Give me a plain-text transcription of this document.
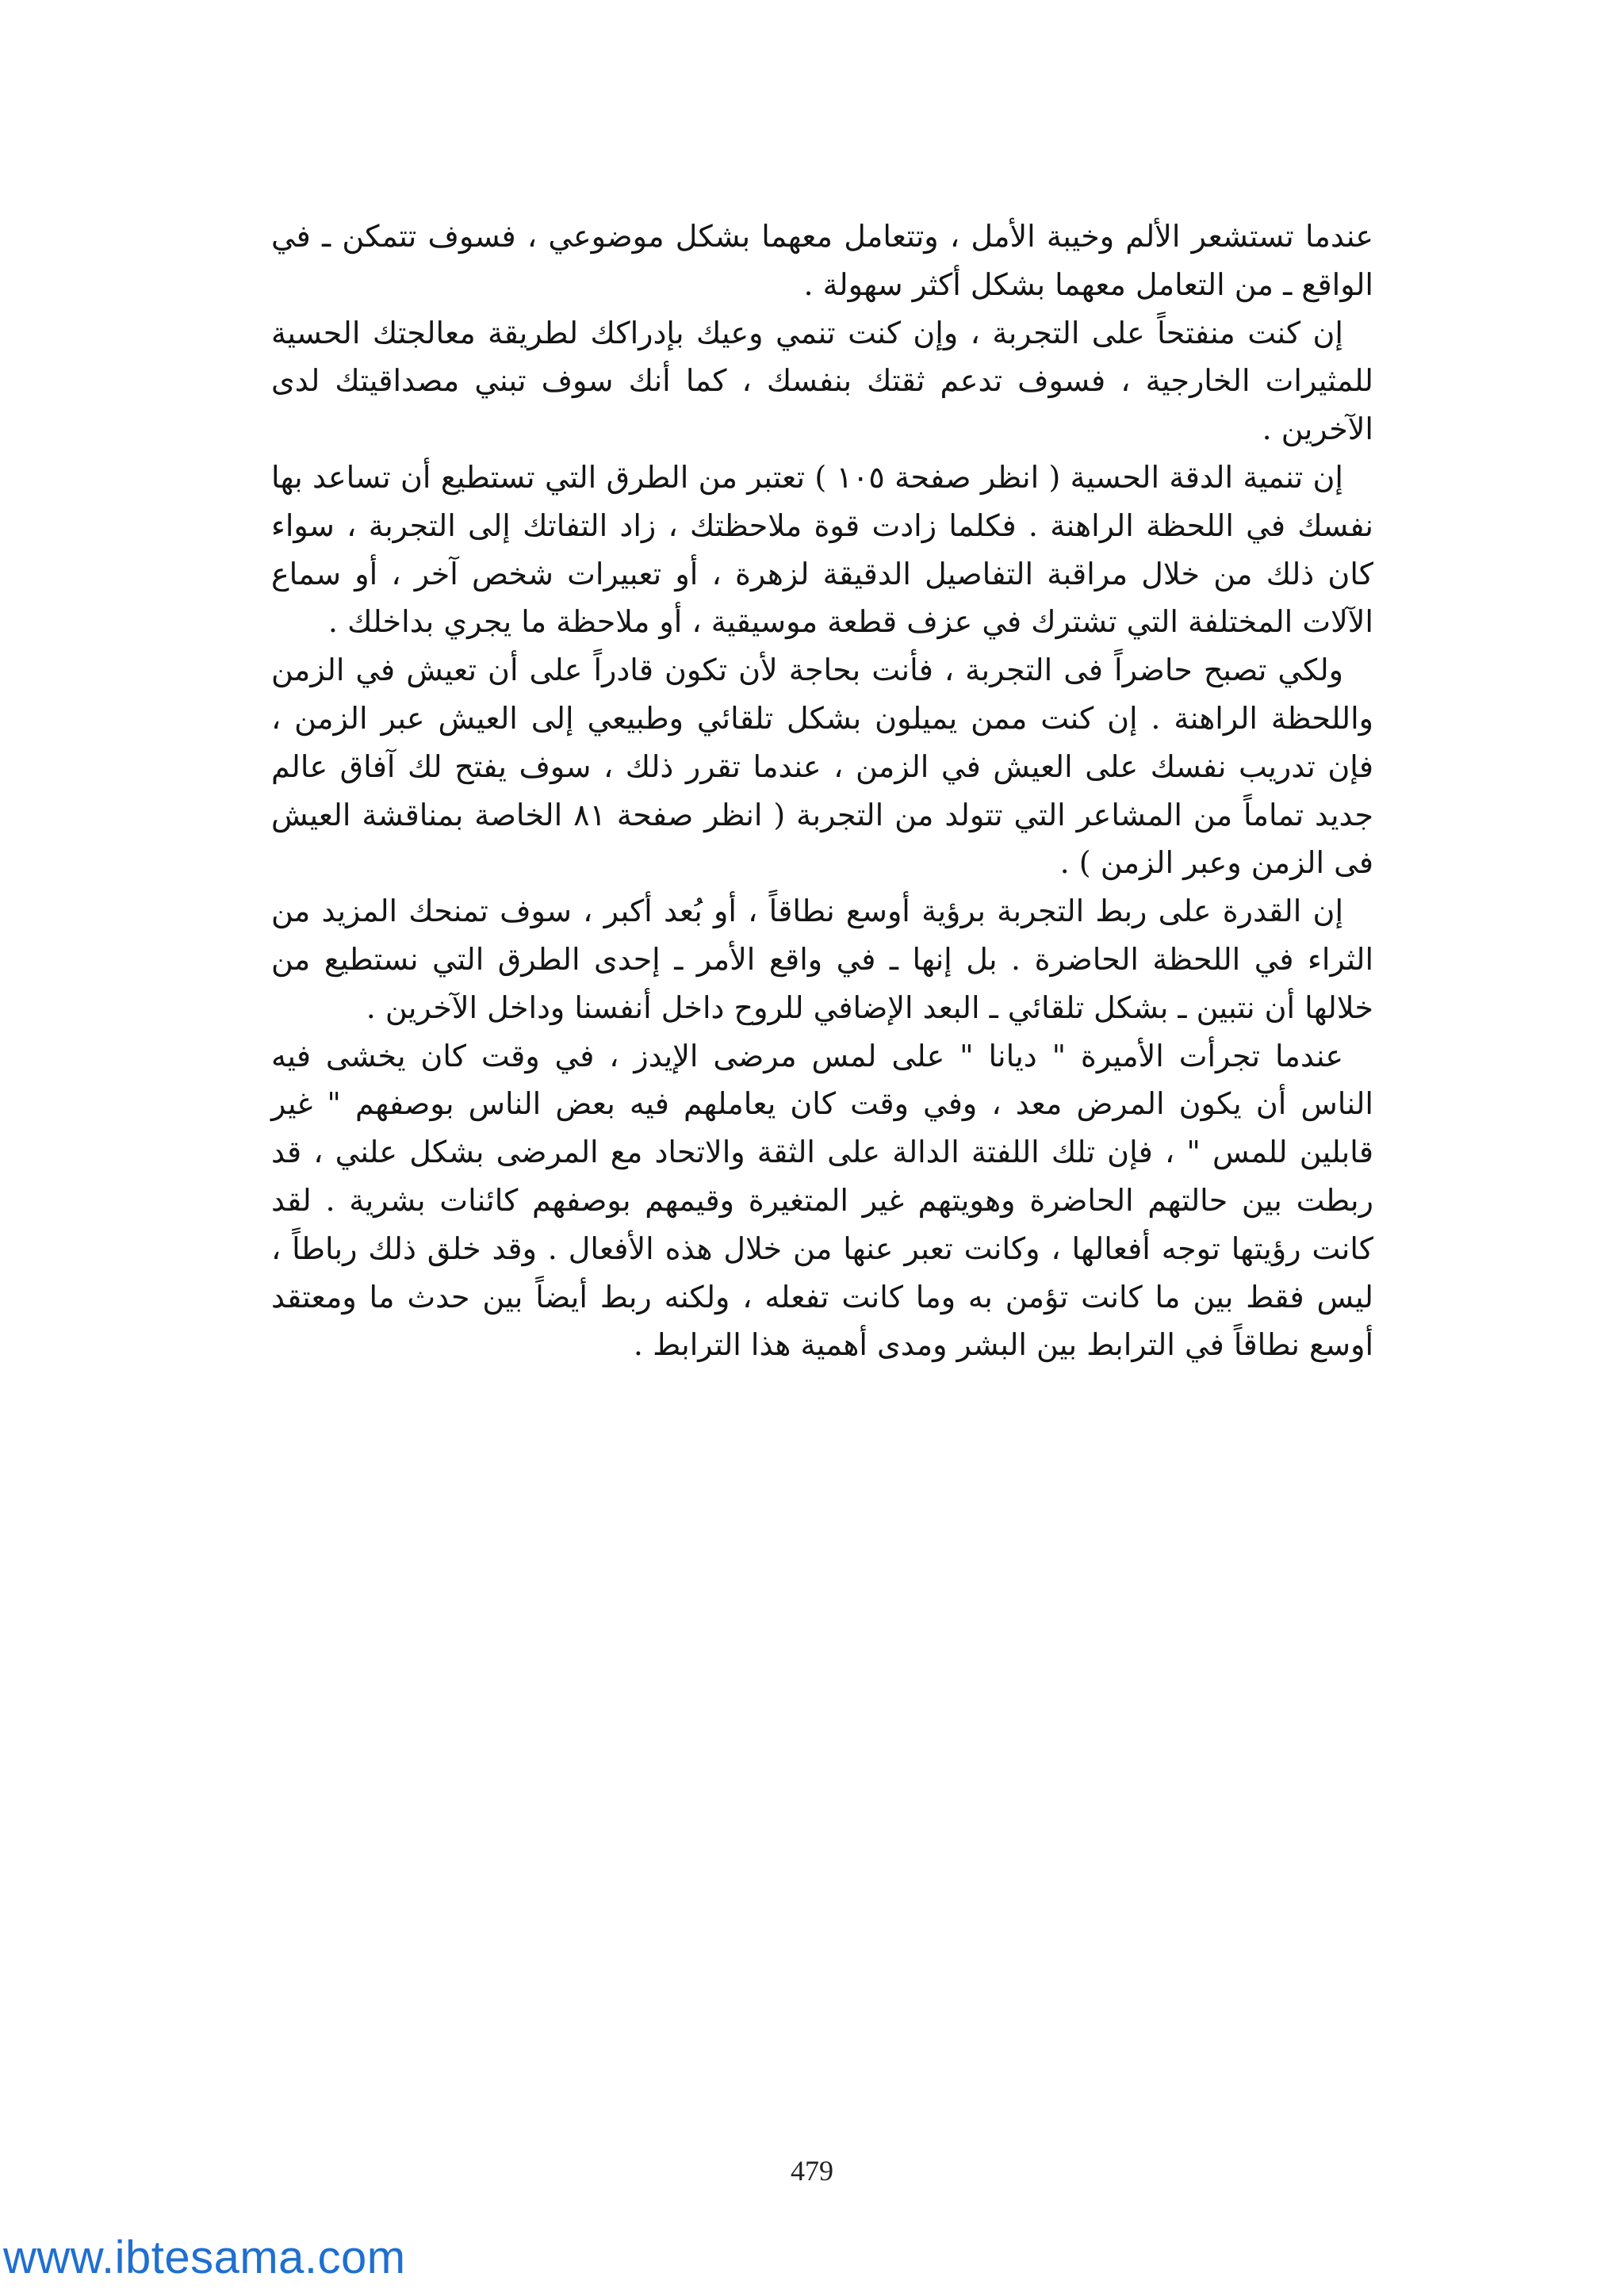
عندما تستشعر الألم وخيبة الأمل ، وتتعامل معهما بشكل موضوعي ، فسوف تتمكن ـ في الواقع ـ من التعامل معهما بشكل أكثر سهولة .

إن كنت منفتحاً على التجربة ، وإن كنت تنمي وعيك بإدراكك لطريقة معالجتك الحسية للمثيرات الخارجية ، فسوف تدعم ثقتك بنفسك ، كما أنك سوف تبني مصداقيتك لدى الآخرين .

إن تنمية الدقة الحسية ( انظر صفحة ١٠٥ ) تعتبر من الطرق التي تستطيع أن تساعد بها نفسك في اللحظة الراهنة . فكلما زادت قوة ملاحظتك ، زاد التفاتك إلى التجربة ، سواء كان ذلك من خلال مراقبة التفاصيل الدقيقة لزهرة ، أو تعبيرات شخص آخر ، أو سماع الآلات المختلفة التي تشترك في عزف قطعة موسيقية ، أو ملاحظة ما يجري بداخلك .

ولكي تصبح حاضراً فى التجربة ، فأنت بحاجة لأن تكون قادراً على أن تعيش في الزمن واللحظة الراهنة . إن كنت ممن يميلون بشكل تلقائي وطبيعي إلى العيش عبر الزمن ، فإن تدريب نفسك على العيش في الزمن ، عندما تقرر ذلك ، سوف يفتح لك آفاق عالم جديد تماماً من المشاعر التي تتولد من التجربة ( انظر صفحة ٨١ الخاصة بمناقشة العيش فى الزمن وعبر الزمن ) .

إن القدرة على ربط التجربة برؤية أوسع نطاقاً ، أو بُعد أكبر ، سوف تمنحك المزيد من الثراء في اللحظة الحاضرة . بل إنها ـ في واقع الأمر ـ إحدى الطرق التي نستطيع من خلالها أن نتبين ـ بشكل تلقائي ـ البعد الإضافي للروح داخل أنفسنا وداخل الآخرين .

عندما تجرأت الأميرة " ديانا " على لمس مرضى الإيدز ، في وقت كان يخشى فيه الناس أن يكون المرض معد ، وفي وقت كان يعاملهم فيه بعض الناس بوصفهم " غير قابلين للمس " ، فإن تلك اللفتة الدالة على الثقة والاتحاد مع المرضى بشكل علني ، قد ربطت بين حالتهم الحاضرة وهويتهم غير المتغيرة وقيمهم بوصفهم كائنات بشرية . لقد كانت رؤيتها توجه أفعالها ، وكانت تعبر عنها من خلال هذه الأفعال . وقد خلق ذلك رباطاً ، ليس فقط بين ما كانت تؤمن به وما كانت تفعله ، ولكنه ربط أيضاً بين حدث ما ومعتقد أوسع نطاقاً في الترابط بين البشر ومدى أهمية هذا الترابط .

479
www.ibtesama.com
